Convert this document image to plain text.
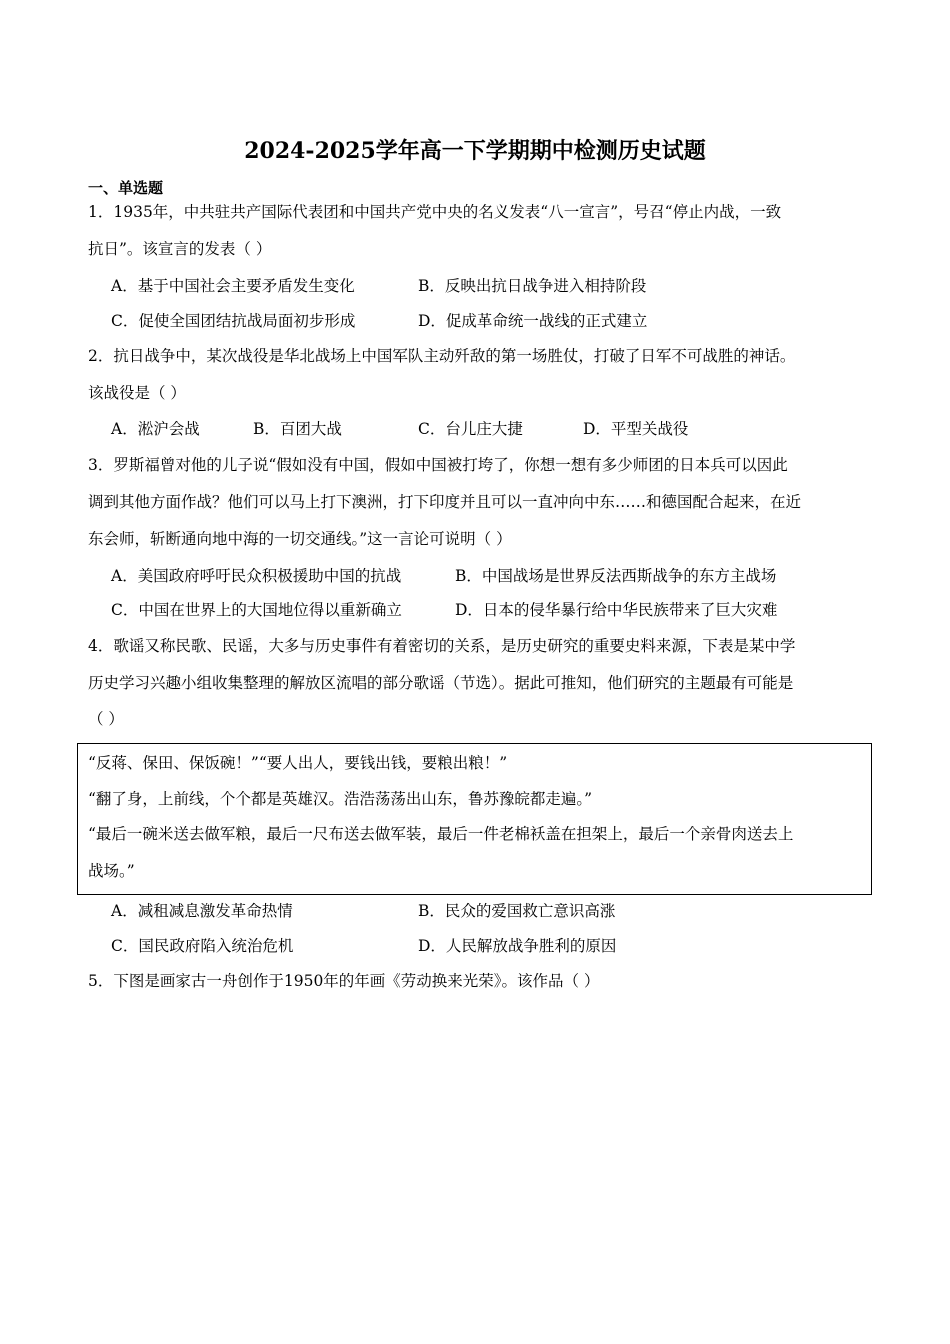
2024-2025学年高一下学期期中检测历史试题
一、单选题
1．1935年，中共驻共产国际代表团和中国共产党中央的名义发表“八一宣言”，号召“停止内战，一致
抗日”。该宣言的发表（ ）
A．基于中国社会主要矛盾发生变化	B．反映出抗日战争进入相持阶段
C．促使全国团结抗战局面初步形成	D．促成革命统一战线的正式建立
2．抗日战争中，某次战役是华北战场上中国军队主动歼敌的第一场胜仗，打破了日军不可战胜的神话。
该战役是（ ）
A．淞沪会战	B．百团大战	C．台儿庄大捷	D．平型关战役
3．罗斯福曾对他的儿子说“假如没有中国，假如中国被打垮了，你想一想有多少师团的日本兵可以因此
调到其他方面作战？他们可以马上打下澳洲，打下印度并且可以一直冲向中东……和德国配合起来，在近
东会师，斩断通向地中海的一切交通线。”这一言论可说明（ ）
A．美国政府呼吁民众积极援助中国的抗战	B．中国战场是世界反法西斯战争的东方主战场
C．中国在世界上的大国地位得以重新确立	D．日本的侵华暴行给中华民族带来了巨大灾难
4．歌谣又称民歌、民谣，大多与历史事件有着密切的关系，是历史研究的重要史料来源，下表是某中学
历史学习兴趣小组收集整理的解放区流唱的部分歌谣（节选）。据此可推知，他们研究的主题最有可能是
（ ）
“反蒋、保田、保饭碗！”“要人出人，要钱出钱，要粮出粮！”
“翻了身，上前线，个个都是英雄汉。浩浩荡荡出山东，鲁苏豫皖都走遍。”
“最后一碗米送去做军粮，最后一尺布送去做军装，最后一件老棉袄盖在担架上，最后一个亲骨肉送去上
战场。”
A．减租减息激发革命热情	B．民众的爱国救亡意识高涨
C．国民政府陷入统治危机	D．人民解放战争胜利的原因
5．下图是画家古一舟创作于1950年的年画《劳动换来光荣》。该作品（ ）
